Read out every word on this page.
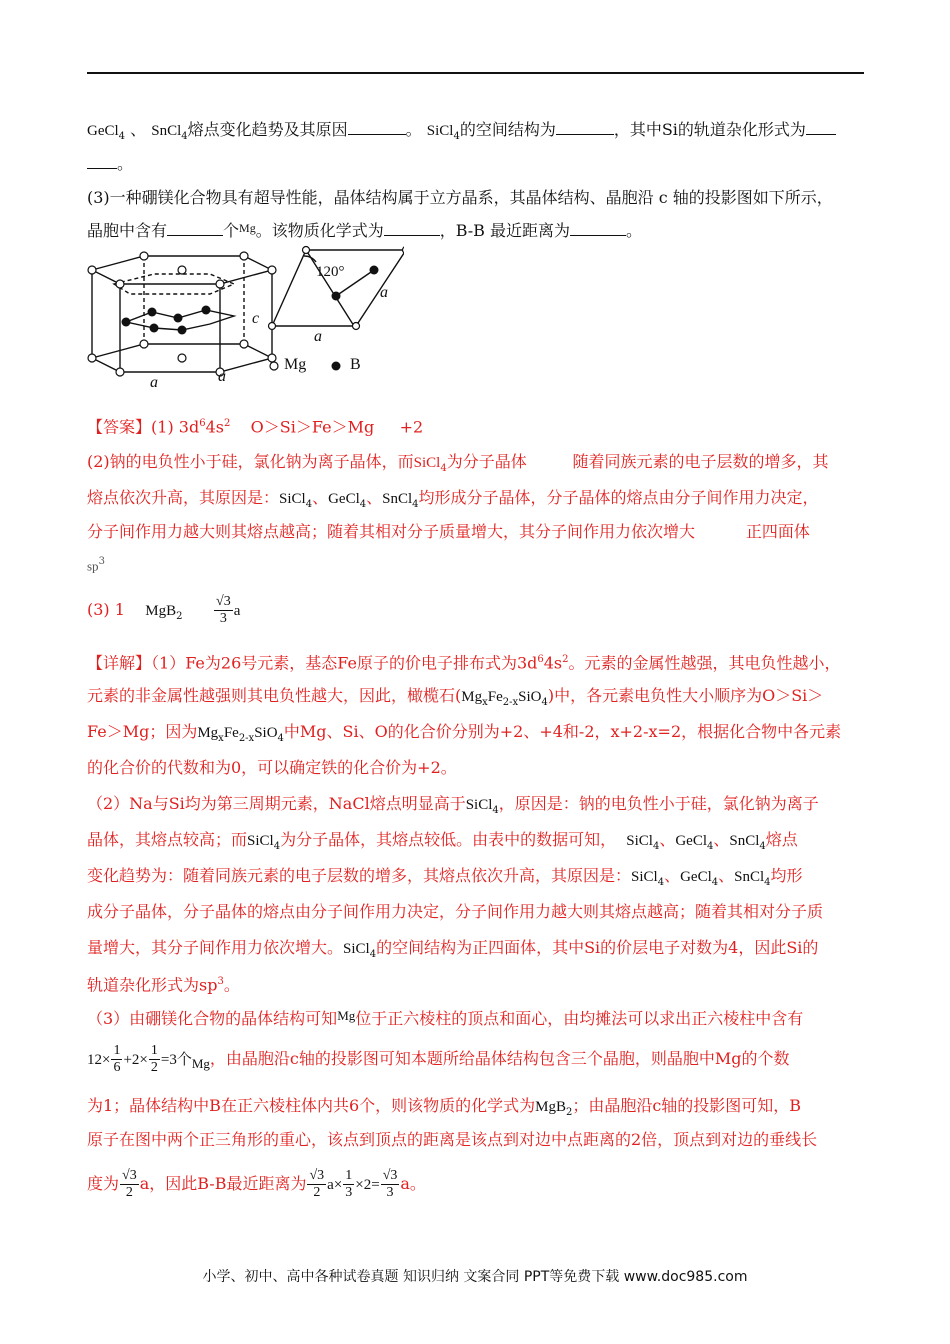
GeCl$_4$ 、 SnCl$_4$熔点变化趋势及其原因	。 SiCl$_4$的空间结构为	，其中Si的轨道杂化形式为
。
(3)一种硼镁化合物具有超导性能，晶体结构属于立方晶系，其晶体结构、晶胞沿 c 轴的投影图如下所示，
晶胞中含有	个$^{Mg}$。该物质化学式为	，B-B 最近距离为	。
c
a	a
120°
a
a
Mg	B
【答案】(1) $3d^64s^2$ O＞Si＞Fe＞Mg +2
(2)钠的电负性小于硅，氯化钠为离子晶体，而SiCl$_4$为分子晶体	随着同族元素的电子层数的增多，其
熔点依次升高，其原因是：SiCl$_4$、GeCl$_4$、SnCl$_4$均形成分子晶体，分子晶体的熔点由分子间作用力决定，
分子间作用力越大则其熔点越高；随着其相对分子质量增大，其分子间作用力依次增大	正四面体
$sp^3$
(3) 1 $MgB_2 \frac{√3}{3}$ a
【详解】（1）Fe为26号元素，基态Fe原子的价电子排布式为$3d^64s^2$。元素的金属性越强，其电负性越小，
元素的非金属性越强则其电负性越大，因此，橄榄石$(Mg_xFe_{2-x}SiO_4)$中，各元素电负性大小顺序为O＞Si＞
Fe＞Mg；因为$Mg_xFe_{2-x}SiO_4$中Mg、Si、O的化合价分别为+2、+4和-2，x+2-x=2，根据化合物中各元素
的化合价的代数和为0，可以确定铁的化合价为+2。
（2）Na与Si均为第三周期元素，NaCl熔点明显高于SiCl$_4$，原因是：钠的电负性小于硅，氯化钠为离子
晶体，其熔点较高；而SiCl$_4$为分子晶体，其熔点较低。由表中的数据可知， SiCl$_4$、GeCl$_4$、SnCl$_4$熔点
变化趋势为：随着同族元素的电子层数的增多，其熔点依次升高，其原因是：SiCl$_4$、GeCl$_4$、SnCl$_4$均形
成分子晶体，分子晶体的熔点由分子间作用力决定，分子间作用力越大则其熔点越高；随着其相对分子质
量增大，其分子间作用力依次增大。SiCl$_4$的空间结构为正四面体，其中Si的价层电子对数为4，因此Si的
轨道杂化形式为$sp^3$。
（3）由硼镁化合物的晶体结构可知$^{Mg}$位于正六棱柱的顶点和面心，由均摊法可以求出正六棱柱中含有
$12\times \frac{1}{6} +2\times \frac{1}{2} =3$个$_{Mg}$，由晶胞沿c轴的投影图可知本题所给晶体结构包含三个晶胞，则晶胞中Mg的个数
为1；晶体结构中B在正六棱柱体内共6个，则该物质的化学式为MgB$_2$；由晶胞沿c轴的投影图可知，B
原子在图中两个正三角形的重心，该点到顶点的距离是该点到对边中点距离的2倍，顶点到对边的垂线长
度为 $\frac{√3}{2}$ a，因此B-B最近距离为 $\frac{√3}{2} a\times \frac{1}{3} \times 2= \frac{√3}{3}$ a。
小学、初中、高中各种试卷真题 知识归纳 文案合同 PPT等免费下载 www.doc985.com
